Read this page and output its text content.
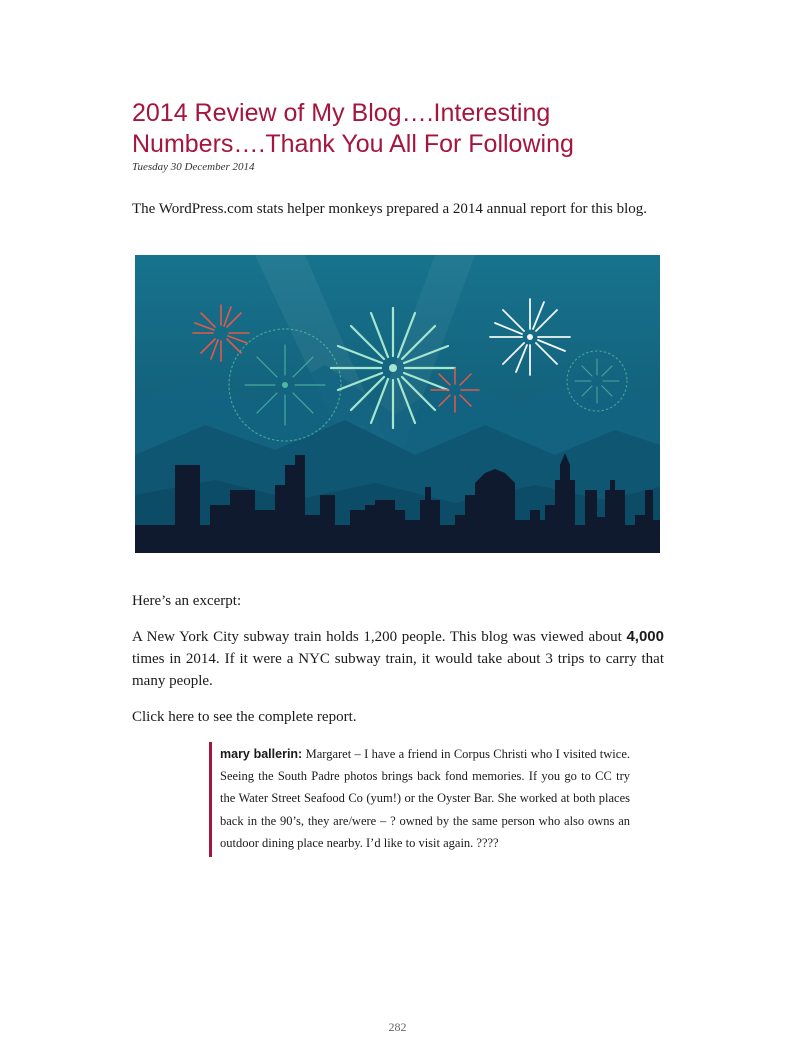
2014 Review of My Blog….Interesting Numbers….Thank You All For Following
Tuesday 30 December 2014

The WordPress.com stats helper monkeys prepared a 2014 annual report for this blog.

Here’s an excerpt:

A New York City subway train holds 1,200 people. This blog was viewed about 4,000 times in 2014. If it were a NYC subway train, it would take about 3 trips to carry that many people.

Click here to see the complete report.

mary ballerin: Margaret – I have a friend in Corpus Christi who I visited twice. Seeing the South Padre photos brings back fond memories. If you go to CC try the Water Street Seafood Co (yum!) or the Oyster Bar. She worked at both places back in the 90’s, they are/were – ? owned by the same person who also owns an outdoor dining place nearby. I’d like to visit again. ????
282
